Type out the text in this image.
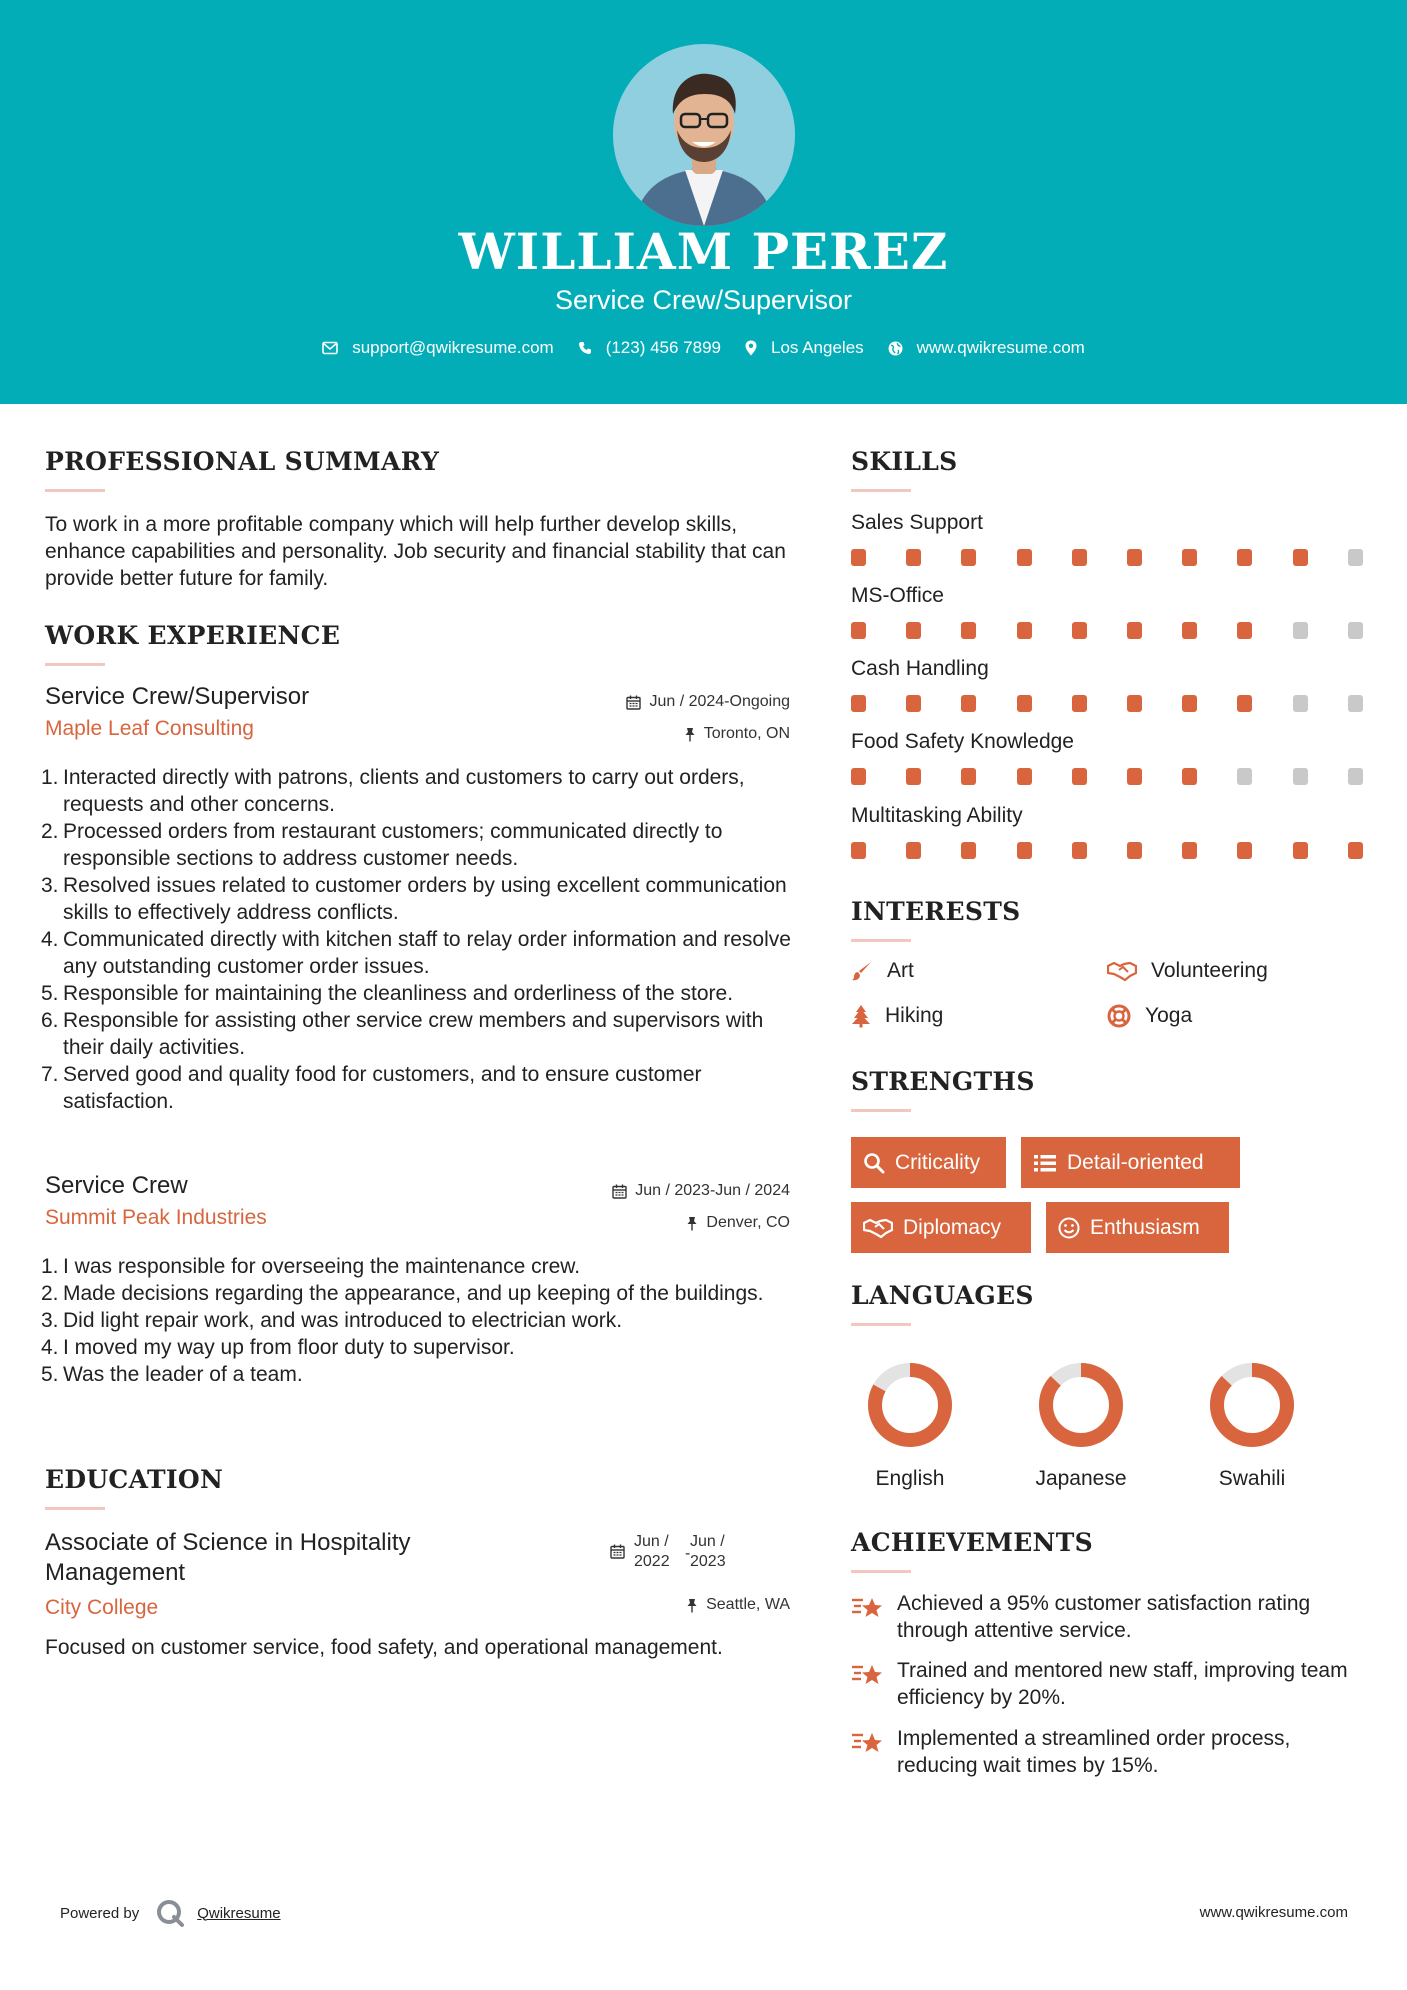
WILLIAM PEREZ
Service Crew/Supervisor
support@qwikresume.com	(123) 456 7899	Los Angeles	www.qwikresume.com
PROFESSIONAL SUMMARY
To work in a more profitable company which will help further develop skills, enhance capabilities and personality. Job security and financial stability that can provide better future for family.
WORK EXPERIENCE
Service Crew/Supervisor
Maple Leaf Consulting
Jun / 2024-Ongoing
Toronto, ON
1. Interacted directly with patrons, clients and customers to carry out orders, requests and other concerns.
2. Processed orders from restaurant customers; communicated directly to responsible sections to address customer needs.
3. Resolved issues related to customer orders by using excellent communication skills to effectively address conflicts.
4. Communicated directly with kitchen staff to relay order information and resolve any outstanding customer order issues.
5. Responsible for maintaining the cleanliness and orderliness of the store.
6. Responsible for assisting other service crew members and supervisors with their daily activities.
7. Served good and quality food for customers, and to ensure customer satisfaction.
Service Crew
Summit Peak Industries
Jun / 2023-Jun / 2024
Denver, CO
1. I was responsible for overseeing the maintenance crew.
2. Made decisions regarding the appearance, and up keeping of the buildings.
3. Did light repair work, and was introduced to electrician work.
4. I moved my way up from floor duty to supervisor.
5. Was the leader of a team.
EDUCATION
Associate of Science in Hospitality
Management
City College
Jun /
2022 -
Jun /
2023
Seattle, WA
Focused on customer service, food safety, and operational management.
SKILLS
Sales Support
MS-Office
Cash Handling
Food Safety Knowledge
Multitasking Ability
INTERESTS
Art	Volunteering
Hiking	Yoga
STRENGTHS
Criticality	Detail-oriented
Diplomacy	Enthusiasm
LANGUAGES
English	Japanese	Swahili
ACHIEVEMENTS
Achieved a 95% customer satisfaction rating through attentive service.
Trained and mentored new staff, improving team efficiency by 20%.
Implemented a streamlined order process, reducing wait times by 15%.
Powered by	Qwikresume	www.qwikresume.com
